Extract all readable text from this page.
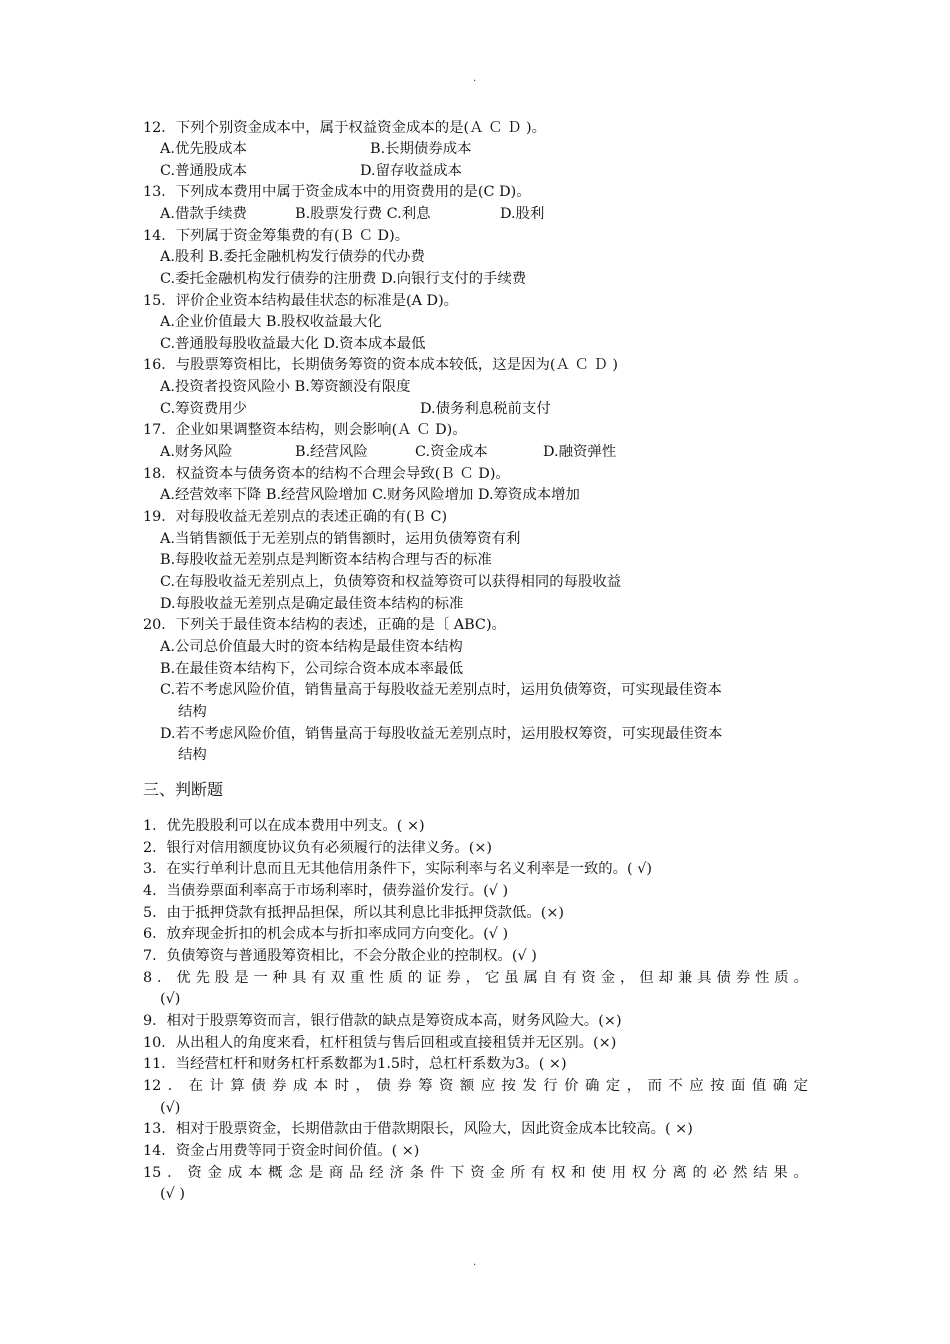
.
12．下列个别资金成本中，属于权益资金成本的是(Ａ Ｃ Ｄ )。
A.优先股成本	B.长期债券成本
C.普通股成本	D.留存收益成本
13．下列成本费用中属于资金成本中的用资费用的是(C D)。
A.借款手续费	B.股票发行费 C.利息	D.股利
14．下列属于资金筹集费的有(Ｂ Ｃ D)。
A.股利 B.委托金融机构发行债券的代办费
C.委托金融机构发行债券的注册费 D.向银行支付的手续费
15．评价企业资本结构最佳状态的标准是(A D)。
A.企业价值最大 B.股权收益最大化
C.普通股每股收益最大化 D.资本成本最低
16．与股票筹资相比，长期债务筹资的资本成本较低，这是因为(Ａ Ｃ Ｄ )
A.投资者投资风险小 B.筹资额没有限度
C.筹资费用少	D.债务利息税前支付
17．企业如果调整资本结构，则会影响(Ａ Ｃ D)。
A.财务风险	B.经营风险	C.资金成本	D.融资弹性
18．权益资本与债务资本的结构不合理会导致(Ｂ Ｃ D)。
A.经营效率下降 B.经营风险增加 C.财务风险增加 D.筹资成本增加
19．对每股收益无差别点的表述正确的有(Ｂ C)
A.当销售额低于无差别点的销售额时，运用负债筹资有利
B.每股收益无差别点是判断资本结构合理与否的标准
C.在每股收益无差别点上，负债筹资和权益筹资可以获得相同的每股收益
D.每股收益无差别点是确定最佳资本结构的标准
20．下列关于最佳资本结构的表述，正确的是〔 ABC)。
A.公司总价值最大时的资本结构是最佳资本结构
B.在最佳资本结构下，公司综合资本成本率最低
C.若不考虑风险价值，销售量高于每股收益无差别点时，运用负债筹资，可实现最佳资本
结构
D.若不考虑风险价值，销售量高于每股收益无差别点时，运用股权筹资，可实现最佳资本
结构
三、判断题
1．优先股股利可以在成本费用中列支。( ×)
2．银行对信用额度协议负有必须履行的法律义务。(×)
3．在实行单利计息而且无其他信用条件下，实际利率与名义利率是一致的。( √)
4．当债券票面利率高于市场利率时，债券溢价发行。(√ )
5．由于抵押贷款有抵押品担保，所以其利息比非抵押贷款低。(×)
6．放弃现金折扣的机会成本与折扣率成同方向变化。(√ )
7．负债筹资与普通股筹资相比，不会分散企业的控制权。(√ )
8．优先股是一种具有双重性质的证券，它虽属自有资金，但却兼具债券性质。
(√)
9．相对于股票筹资而言，银行借款的缺点是筹资成本高，财务风险大。(×)
10．从出租人的角度来看，杠杆租赁与售后回租或直接租赁并无区别。(×)
11．当经营杠杆和财务杠杆系数都为1.5时，总杠杆系数为3。( ×)
12．在计算债券成本时，债券筹资额应按发行价确定，而不应按面值确定
(√)
13．相对于股票资金，长期借款由于借款期限长，风险大，因此资金成本比较高。( ×)
14．资金占用费等同于资金时间价值。( ×)
15．资金成本概念是商品经济条件下资金所有权和使用权分离的必然结果。
(√ )
.
